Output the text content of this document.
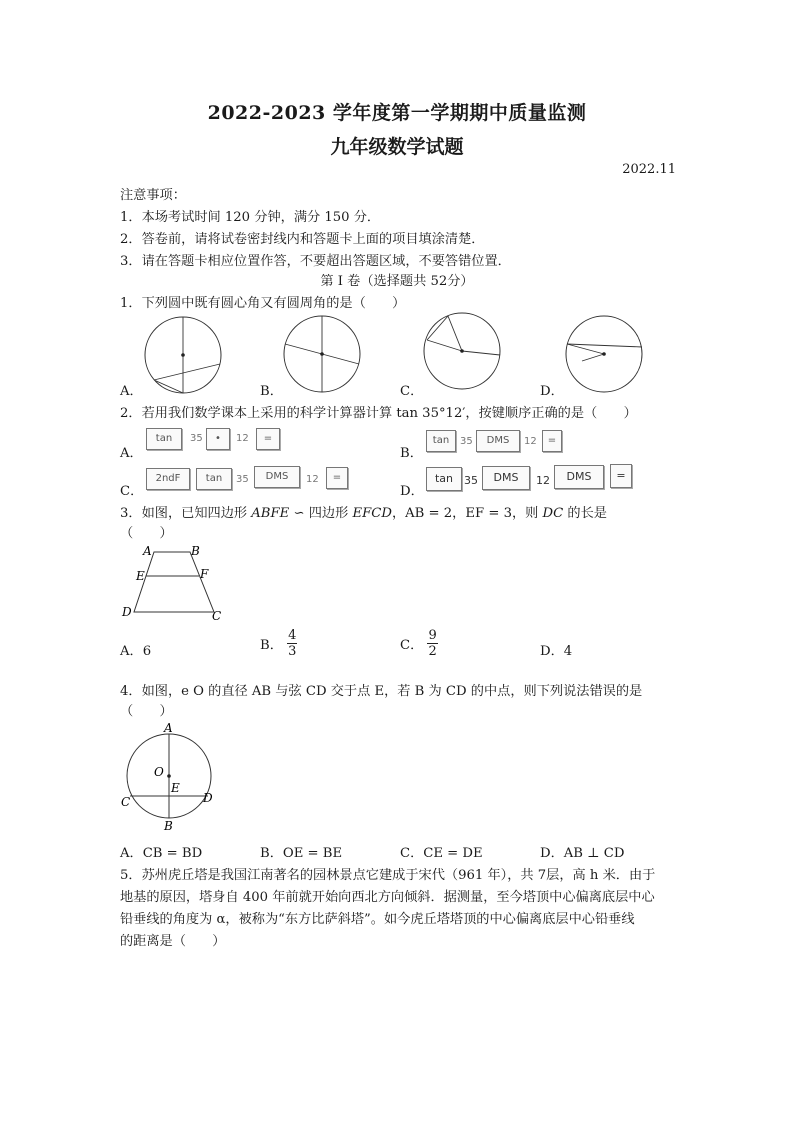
2022-2023 学年度第一学期期中质量监测
九年级数学试题
2022.11
注意事项：
1．本场考试时间 120 分钟，满分 150 分．
2．答卷前，请将试卷密封线内和答题卡上面的项目填涂清楚．
3．请在答题卡相应位置作答，不要超出答题区域，不要答错位置．
第 I 卷（选择题共 52分）
1．下列圆中既有圆心角又有圆周角的是（　　）
A．	B．	C．	D．
2．若用我们数学课本上采用的科学计算器计算 tan 35°12′，按键顺序正确的是（　　）
A．
tan	35	•	12	=
B．
tan	35	DMS	12	=
C．
2ndF	tan	35	DMS	12	=
D．
tan 35	DMS	12	DMS	=
3．如图，已知四边形 ABFE ∽ 四边形 EFCD，AB = 2，EF = 3，则 DC 的长是
（　　）
A	B
E	F
D	C
A．6	B． $\frac{4}{3}$	C． $\frac{9}{2}$	D．4
4．如图，e O 的直径 AB 与弦 CD 交于点 E，若 B 为 CD 的中点，则下列说法错误的是
（　　）
A
O
E
C	D
B
A．CB = BD	B．OE = BE	C．CE = DE	D．AB ⊥ CD
5．苏州虎丘塔是我国江南著名的园林景点它建成于宋代（961 年），共 7层，高 h 米．由于
地基的原因，塔身自 400 年前就开始向西北方向倾斜．据测量，至今塔顶中心偏离底层中心
铅垂线的角度为 α，被称为“东方比萨斜塔”。如今虎丘塔塔顶的中心偏离底层中心铅垂线
的距离是（　　）
